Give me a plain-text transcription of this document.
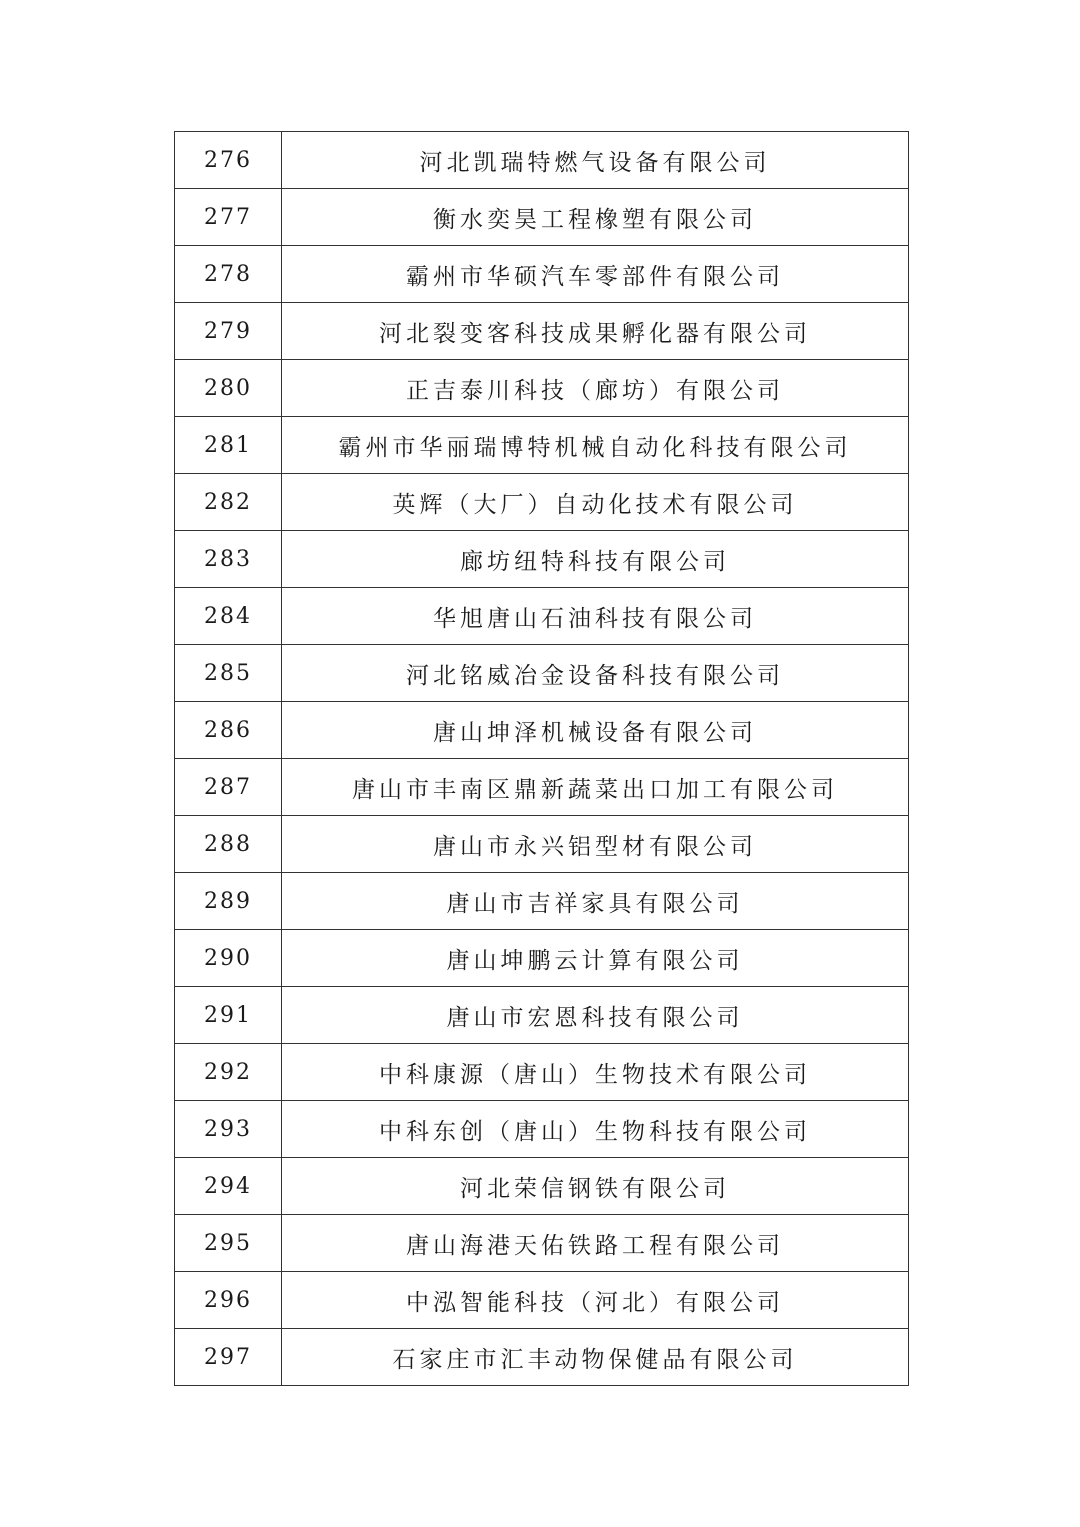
276	河北凯瑞特燃气设备有限公司
277	衡水奕昊工程橡塑有限公司
278	霸州市华硕汽车零部件有限公司
279	河北裂变客科技成果孵化器有限公司
280	正吉泰川科技（廊坊）有限公司
281	霸州市华丽瑞博特机械自动化科技有限公司
282	英辉（大厂）自动化技术有限公司
283	廊坊纽特科技有限公司
284	华旭唐山石油科技有限公司
285	河北铭威冶金设备科技有限公司
286	唐山坤泽机械设备有限公司
287	唐山市丰南区鼎新蔬菜出口加工有限公司
288	唐山市永兴铝型材有限公司
289	唐山市吉祥家具有限公司
290	唐山坤鹏云计算有限公司
291	唐山市宏恩科技有限公司
292	中科康源（唐山）生物技术有限公司
293	中科东创（唐山）生物科技有限公司
294	河北荣信钢铁有限公司
295	唐山海港天佑铁路工程有限公司
296	中泓智能科技（河北）有限公司
297	石家庄市汇丰动物保健品有限公司
